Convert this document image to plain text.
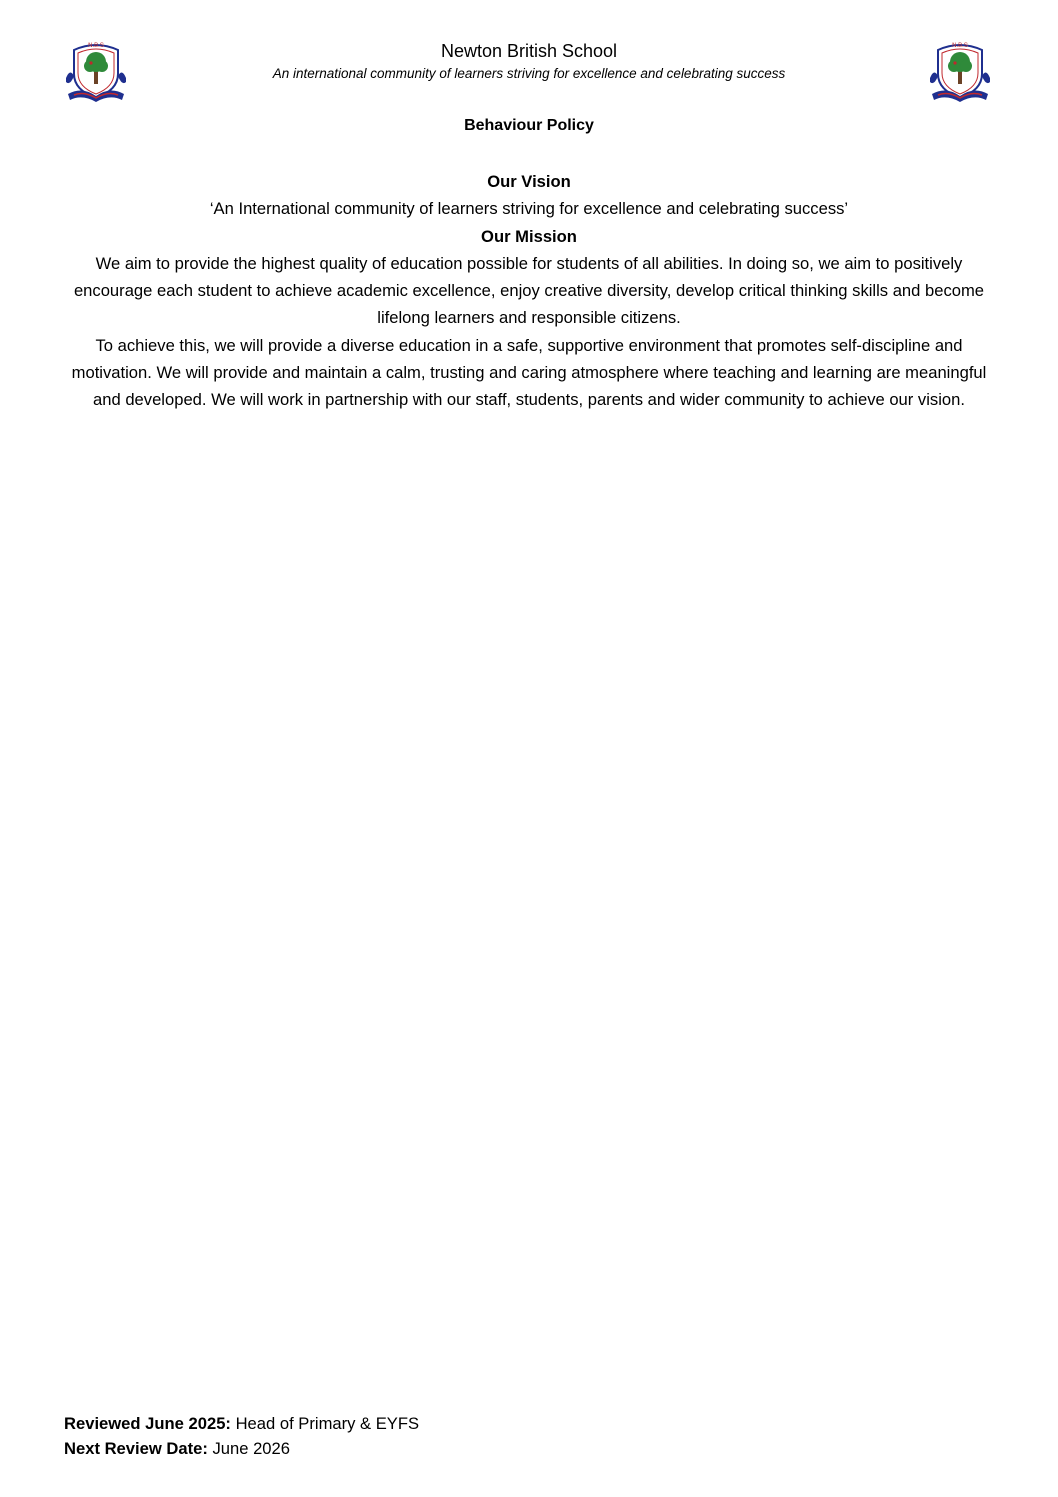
N.B.S	Newton British School
An international community of learners striving for excellence and celebrating success
N.B.S
Behaviour Policy

Our Vision

‘An International community of learners striving for excellence and celebrating success’

Our Mission

We aim to provide the highest quality of education possible for students of all abilities. In doing so, we aim to positively encourage each student to achieve academic excellence, enjoy creative diversity, develop critical thinking skills and become lifelong learners and responsible citizens.

To achieve this, we will provide a diverse education in a safe, supportive environment that promotes self-discipline and motivation. We will provide and maintain a calm, trusting and caring atmosphere where teaching and learning are meaningful and developed. We will work in partnership with our staff, students, parents and wider community to achieve our vision.

Reviewed June 2025: Head of Primary & EYFS
Next Review Date: June 2026
